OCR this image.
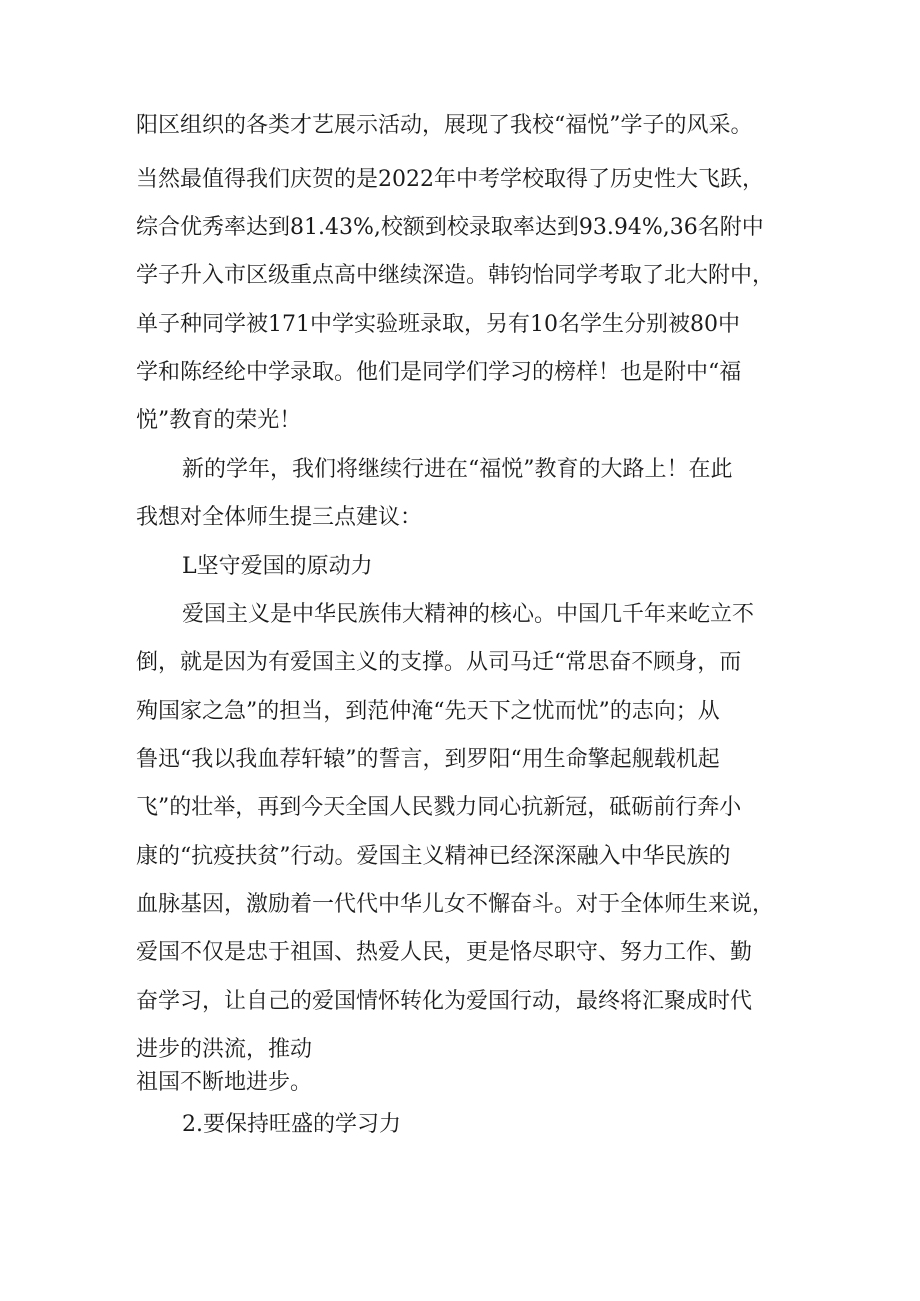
阳区组织的各类才艺展示活动，展现了我校“福悦”学子的风采。
当然最值得我们庆贺的是2022年中考学校取得了历史性大飞跃，
综合优秀率达到81.43%,校额到校录取率达到93.94%,36名附中
学子升入市区级重点高中继续深造。韩钧怡同学考取了北大附中，
单子种同学被171中学实验班录取，另有10名学生分别被80中
学和陈经纶中学录取。他们是同学们学习的榜样！也是附中“福
悦”教育的荣光！
新的学年，我们将继续行进在“福悦”教育的大路上！在此
我想对全体师生提三点建议：
L坚守爱国的原动力
爱国主义是中华民族伟大精神的核心。中国几千年来屹立不
倒，就是因为有爱国主义的支撑。从司马迁“常思奋不顾身，而
殉国家之急”的担当，到范仲淹“先天下之忧而忧”的志向；从
鲁迅“我以我血荐轩辕”的誓言，到罗阳“用生命擎起舰载机起
飞”的壮举，再到今天全国人民戮力同心抗新冠，砥砺前行奔小
康的“抗疫扶贫”行动。爱国主义精神已经深深融入中华民族的
血脉基因，激励着一代代中华儿女不懈奋斗。对于全体师生来说，
爱国不仅是忠于祖国、热爱人民，更是恪尽职守、努力工作、勤
奋学习，让自己的爱国情怀转化为爱国行动，最终将汇聚成时代
进步的洪流，推动
祖国不断地进步。
2.要保持旺盛的学习力
